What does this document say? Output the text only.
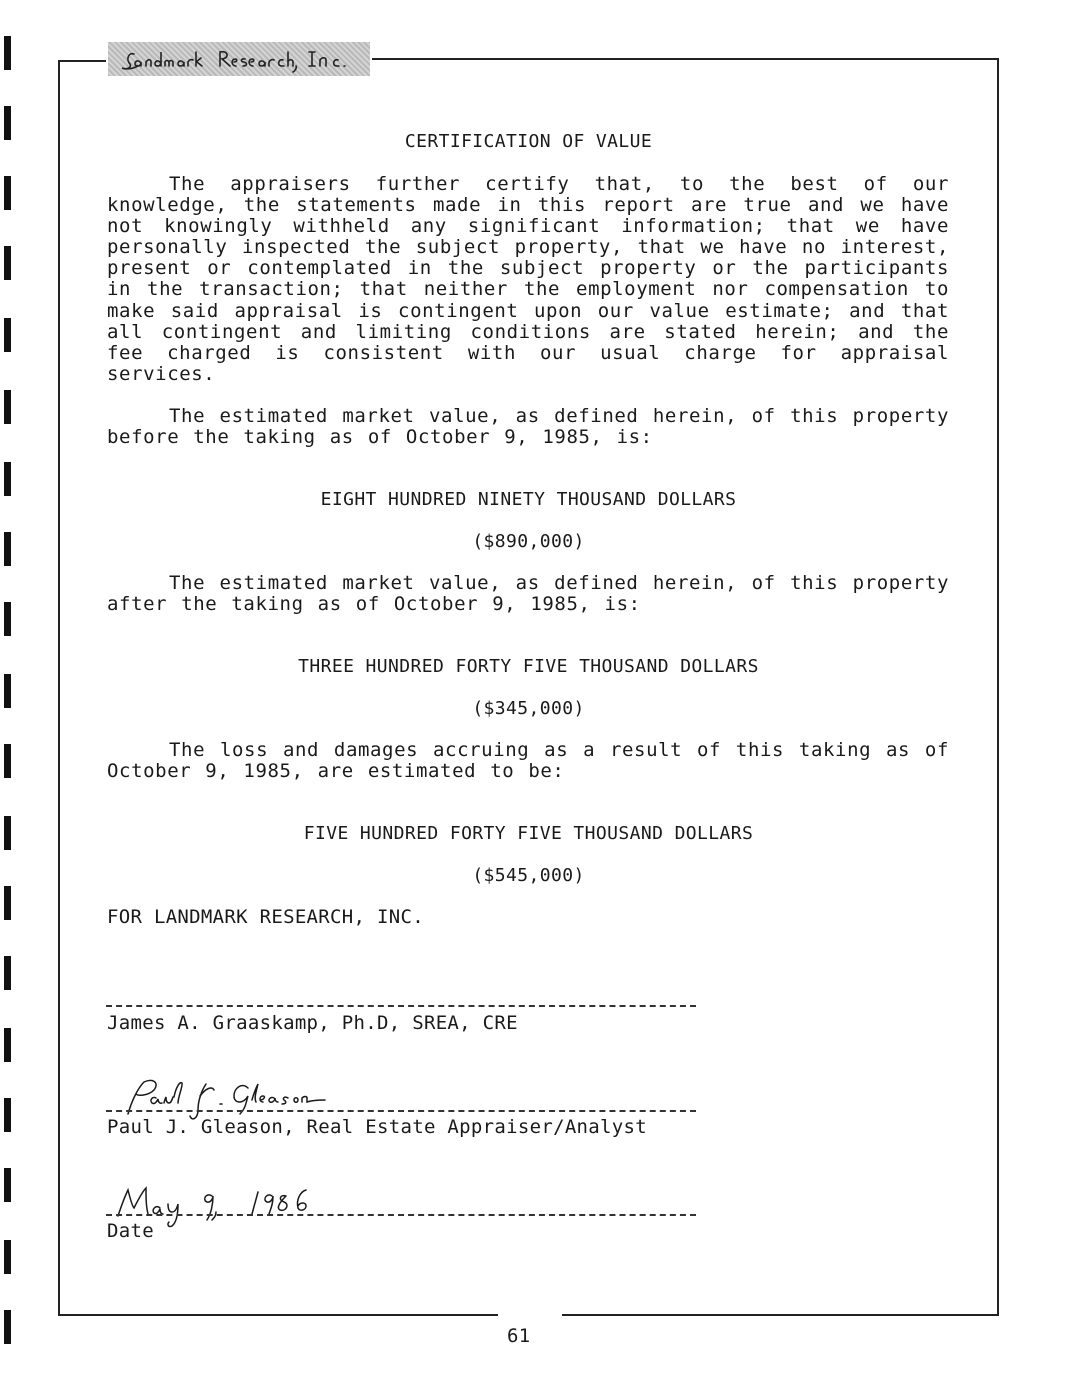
CERTIFICATION OF VALUE
The appraisers further certify that, to the best of our knowledge, the statements made in this report are true and we have not knowingly withheld any significant information; that we have personally inspected the subject property, that we have no interest, present or contemplated in the subject property or the participants in the transaction; that neither the employment nor compensation to make said appraisal is contingent upon our value estimate; and that all contingent and limiting conditions are stated herein; and the fee charged is consistent with our usual charge for appraisal services.
The estimated market value, as defined herein, of this property before the taking as of October 9, 1985, is:
EIGHT HUNDRED NINETY THOUSAND DOLLARS
($890,000)
The estimated market value, as defined herein, of this property after the taking as of October 9, 1985, is:
THREE HUNDRED FORTY FIVE THOUSAND DOLLARS
($345,000)
The loss and damages accruing as a result of this taking as of October 9, 1985, are estimated to be:
FIVE HUNDRED FORTY FIVE THOUSAND DOLLARS
($545,000)
FOR LANDMARK RESEARCH, INC.
James A. Graaskamp, Ph.D, SREA, CRE
Paul J. Gleason, Real Estate Appraiser/Analyst
Date
61
